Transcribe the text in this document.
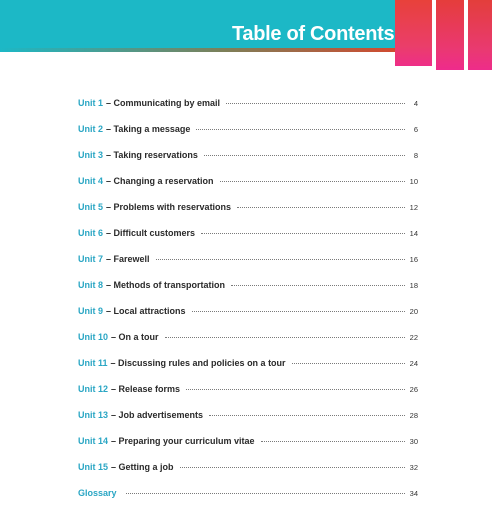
Table of Contents
Unit 1 – Communicating by email	4
Unit 2 – Taking a message	6
Unit 3 – Taking reservations	8
Unit 4 – Changing a reservation	10
Unit 5 – Problems with reservations	12
Unit 6 – Difficult customers	14
Unit 7 – Farewell	16
Unit 8 – Methods of transportation	18
Unit 9 – Local attractions	20
Unit 10 – On a tour	22
Unit 11 – Discussing rules and policies on a tour	24
Unit 12 – Release forms	26
Unit 13 – Job advertisements	28
Unit 14 – Preparing your curriculum vitae	30
Unit 15 – Getting a job	32
Glossary	34
